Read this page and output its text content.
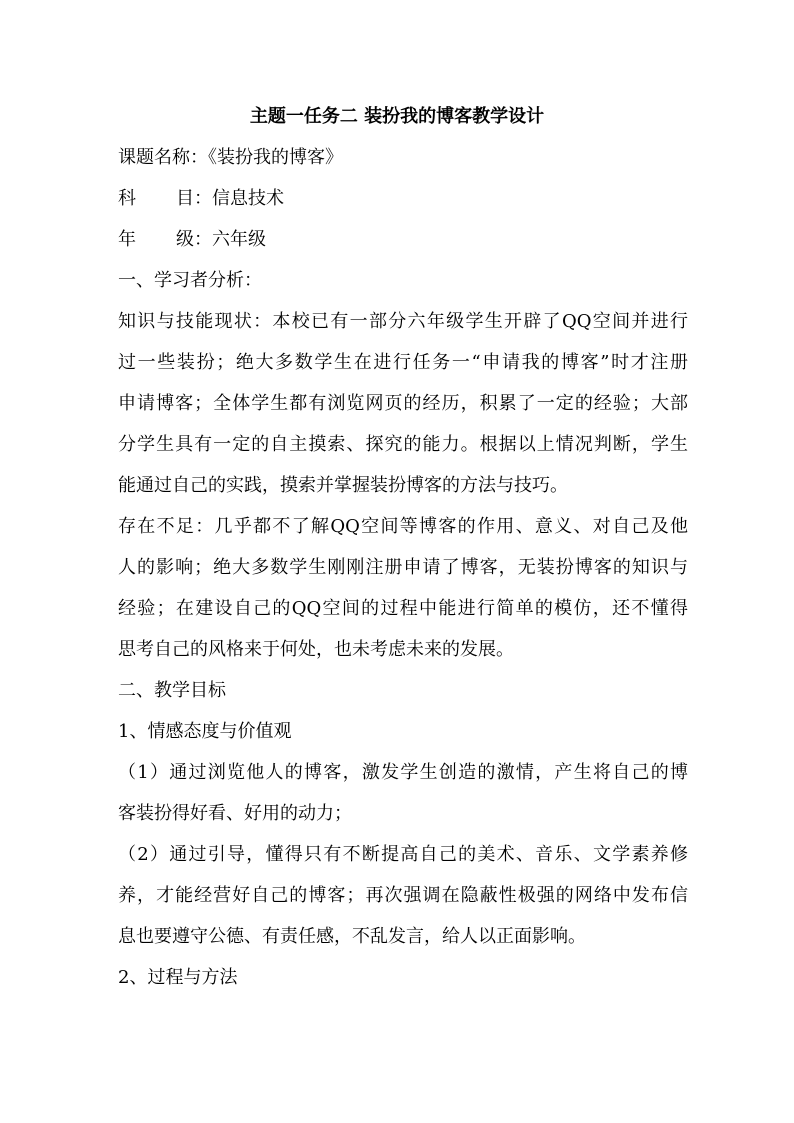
主题一任务二 装扮我的博客教学设计
课题名称：《装扮我的博客》
科 目：信息技术
年 级：六年级
一、学习者分析：
知识与技能现状：本校已有一部分六年级学生开辟了QQ空间并进行
过一些装扮；绝大多数学生在进行任务一“申请我的博客”时才注册
申请博客；全体学生都有浏览网页的经历，积累了一定的经验；大部
分学生具有一定的自主摸索、探究的能力。根据以上情况判断，学生
能通过自己的实践，摸索并掌握装扮博客的方法与技巧。
存在不足：几乎都不了解QQ空间等博客的作用、意义、对自己及他
人的影响；绝大多数学生刚刚注册申请了博客，无装扮博客的知识与
经验；在建设自己的QQ空间的过程中能进行简单的模仿，还不懂得
思考自己的风格来于何处，也未考虑未来的发展。
二、教学目标
1、情感态度与价值观
（1）通过浏览他人的博客，激发学生创造的激情，产生将自己的博
客装扮得好看、好用的动力；
（2）通过引导，懂得只有不断提高自己的美术、音乐、文学素养修
养，才能经营好自己的博客；再次强调在隐蔽性极强的网络中发布信
息也要遵守公德、有责任感，不乱发言，给人以正面影响。
2、过程与方法
